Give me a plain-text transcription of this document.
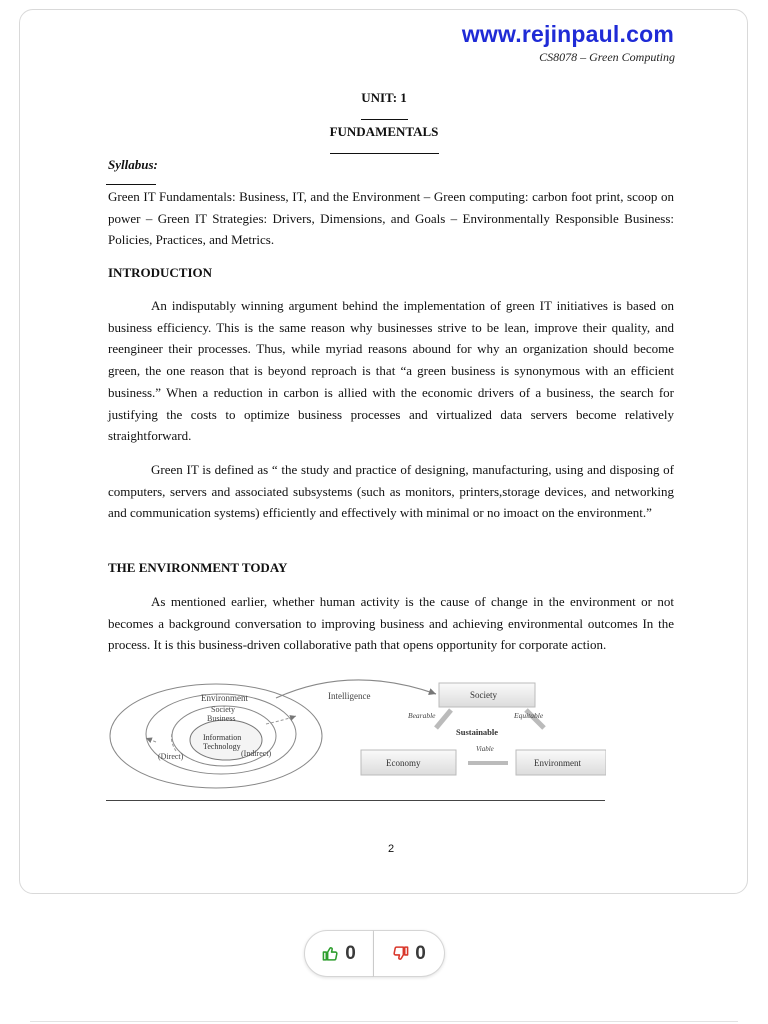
www.rejinpaul.com
CS8078 – Green Computing
UNIT: 1
FUNDAMENTALS
Syllabus:

Green IT Fundamentals: Business, IT, and the Environment – Green computing: carbon foot print, scoop on power – Green IT Strategies: Drivers, Dimensions, and Goals – Environmentally Responsible Business: Policies, Practices, and Metrics.

INTRODUCTION

An indisputably winning argument behind the implementation of green IT initiatives is based on business efficiency. This is the same reason why businesses strive to be lean, improve their quality, and reengineer their processes. Thus, while myriad reasons abound for why an organization should become green, the one reason that is beyond reproach is that “a green business is synonymous with an efficient business.” When a reduction in carbon is allied with the economic drivers of a business, the search for justifying the costs to optimize business processes and virtualized data servers become relatively straightforward.

Green IT is defined as “ the study and practice of designing, manufacturing, using and disposing of computers, servers and associated subsystems (such as monitors, printers,storage devices, and networking and communication systems) efficiently and effectively with minimal or no imoact on the environment.”

THE ENVIRONMENT TODAY

As mentioned earlier, whether human activity is the cause of change in the environment or not becomes a background conversation to improving business and achieving environmental outcomes In the process. It is this business-driven collaborative path that opens opportunity for corporate action.

Environment
Society
Business
Information
Technology
(Direct)	(Indirect)
Intelligence	Society
Economy	Environment
Bearable	Equitable
Sustainable
Viable
2
0	0
